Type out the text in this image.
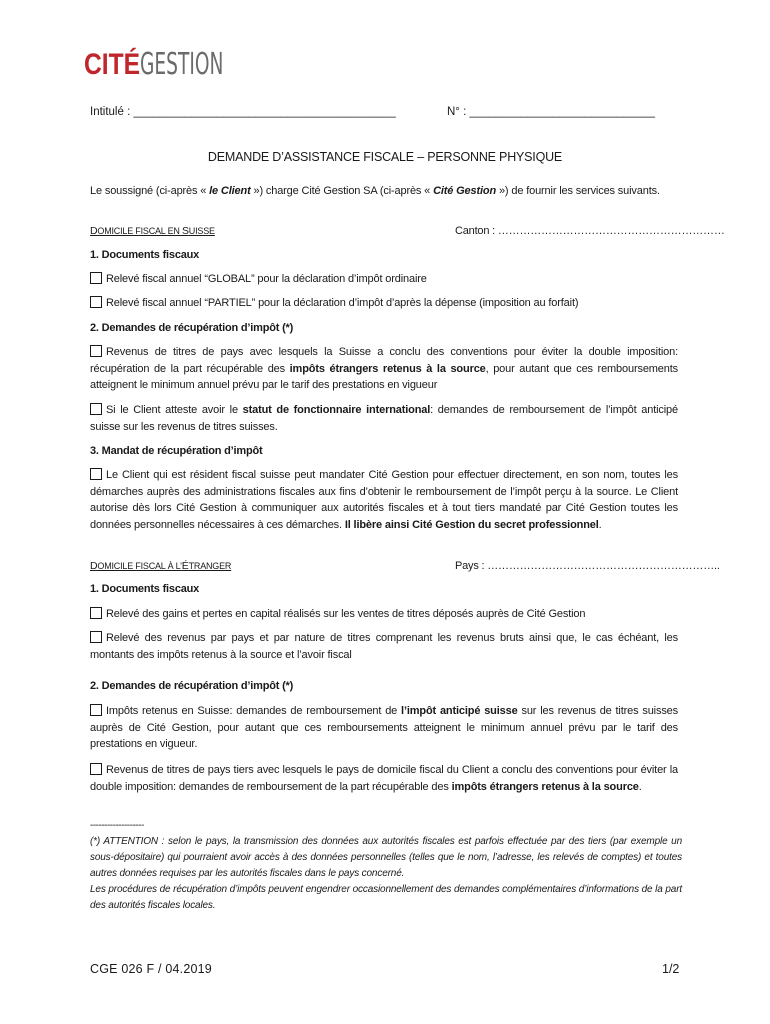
CITÉ GESTION
Intitulé : _________________________________________	N° : _____________________________
DEMANDE D’ASSISTANCE FISCALE – PERSONNE PHYSIQUE
Le soussigné (ci-après « le Client ») charge Cité Gestion SA (ci-après « Cité Gestion ») de fournir les services suivants.
DOMICILE FISCAL EN SUISSE	Canton : ………………………………………………………
1. Documents fiscaux
Relevé fiscal annuel “GLOBAL” pour la déclaration d’impôt ordinaire
Relevé fiscal annuel “PARTIEL” pour la déclaration d’impôt d’après la dépense (imposition au forfait)
2. Demandes de récupération d’impôt (*)
Revenus de titres de pays avec lesquels la Suisse a conclu des conventions pour éviter la double imposition: récupération de la part récupérable des impôts étrangers retenus à la source, pour autant que ces remboursements atteignent le minimum annuel prévu par le tarif des prestations en vigueur
Si le Client atteste avoir le statut de fonctionnaire international: demandes de remboursement de l’impôt anticipé suisse sur les revenus de titres suisses.
3. Mandat de récupération d’impôt
Le Client qui est résident fiscal suisse peut mandater Cité Gestion pour effectuer directement, en son nom, toutes les démarches auprès des administrations fiscales aux fins d’obtenir le remboursement de l’impôt perçu à la source. Le Client autorise dès lors Cité Gestion à communiquer aux autorités fiscales et à tout tiers mandaté par Cité Gestion toutes les données personnelles nécessaires à ces démarches. Il libère ainsi Cité Gestion du secret professionnel.
DOMICILE FISCAL À L’ÉTRANGER	Pays : ………………………………………………………..
1. Documents fiscaux
Relevé des gains et pertes en capital réalisés sur les ventes de titres déposés auprès de Cité Gestion
Relevé des revenus par pays et par nature de titres comprenant les revenus bruts ainsi que, le cas échéant, les montants des impôts retenus à la source et l’avoir fiscal
2. Demandes de récupération d’impôt (*)
Impôts retenus en Suisse: demandes de remboursement de l’impôt anticipé suisse sur les revenus de titres suisses auprès de Cité Gestion, pour autant que ces remboursements atteignent le minimum annuel prévu par le tarif des prestations en vigueur.
Revenus de titres de pays tiers avec lesquels le pays de domicile fiscal du Client a conclu des conventions pour éviter la double imposition: demandes de remboursement de la part récupérable des impôts étrangers retenus à la source.
-------------------
(*) ATTENTION : selon le pays, la transmission des données aux autorités fiscales est parfois effectuée par des tiers (par exemple un sous-dépositaire) qui pourraient avoir accès à des données personnelles (telles que le nom, l’adresse, les relevés de comptes) et toutes autres données requises par les autorités fiscales dans le pays concerné.
Les procédures de récupération d’impôts peuvent engendrer occasionnellement des demandes complémentaires d’informations de la part des autorités fiscales locales.
CGE 026 F / 04.2019	1/2
